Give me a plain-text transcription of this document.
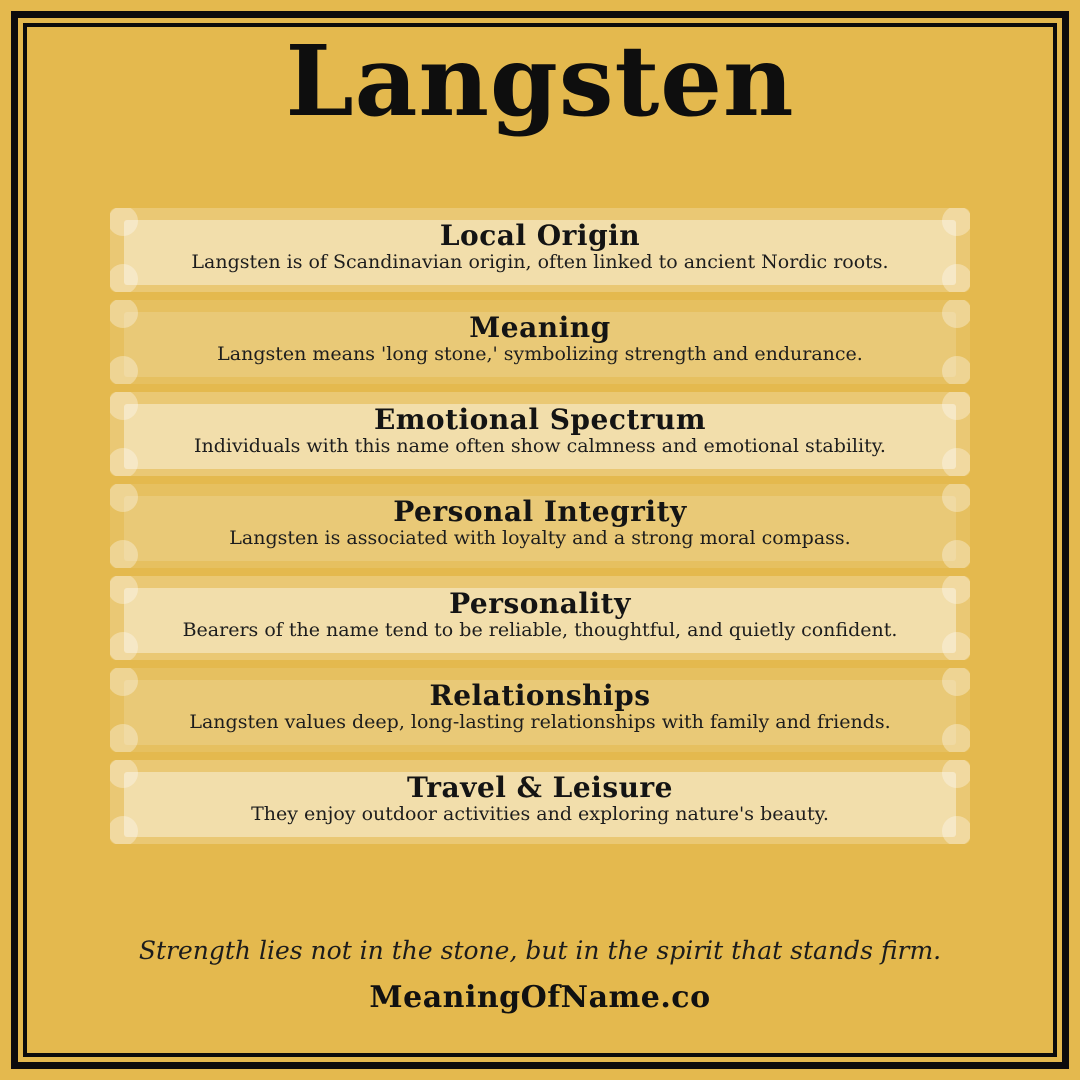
Langsten
Local Origin

Langsten is of Scandinavian origin, often linked to ancient Nordic roots.

Meaning

Langsten means 'long stone,' symbolizing strength and endurance.

Emotional Spectrum

Individuals with this name often show calmness and emotional stability.

Personal Integrity

Langsten is associated with loyalty and a strong moral compass.

Personality

Bearers of the name tend to be reliable, thoughtful, and quietly confident.

Relationships

Langsten values deep, long-lasting relationships with family and friends.

Travel & Leisure

They enjoy outdoor activities and exploring nature's beauty.

Strength lies not in the stone, but in the spirit that stands firm.

MeaningOfName.co
